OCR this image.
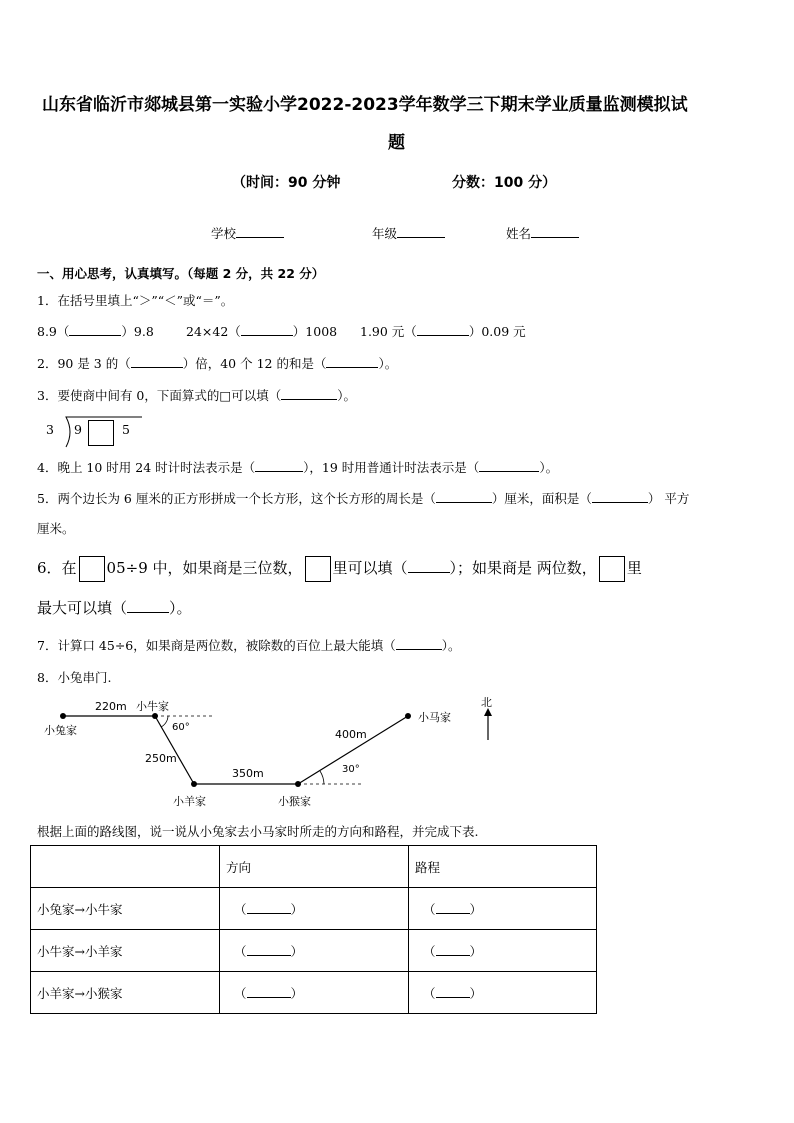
山东省临沂市郯城县第一实验小学2022-2023学年数学三下期末学业质量监测模拟试
题
（时间：90 分钟	分数：100 分）
学校	年级	姓名
一、用心思考，认真填写。（每题 2 分，共 22 分）
1．在括号里填上“＞”“＜”或“＝”。
8.9（	）9.8	24×42（	）1008 1.90 元（	）0.09 元
2．90 是 3 的（	）倍，40 个 12 的和是（	）。
3．要使商中间有 0，下面算式的□可以填（	）。
3 9	5
4．晚上 10 时用 24 时计时法表示是（	），19 时用普通计时法表示是（	）。
5．两个边长为 6 厘米的正方形拼成一个长方形，这个长方形的周长是（	）厘米，面积是（	） 平方
厘米。
6．在 05÷9 中，如果商是三位数， 里可以填（	）；如果商是 两位数， 里
最大可以填（	）。
7．计算口 45÷6，如果商是两位数，被除数的百位上最大能填（	）。
8．小兔串门.
小兔家
小牛家
小羊家	小猴家
小马家
220m
250m
350m
400m
60°
30°
北
根据上面的路线图，说一说从小兔家去小马家时所走的方向和路程，并完成下表.
	方向	路程
小兔家→小牛家	（ ）	（ ）
小牛家→小羊家	（ ）	（ ）
小羊家→小猴家	（ ）	（ ）
